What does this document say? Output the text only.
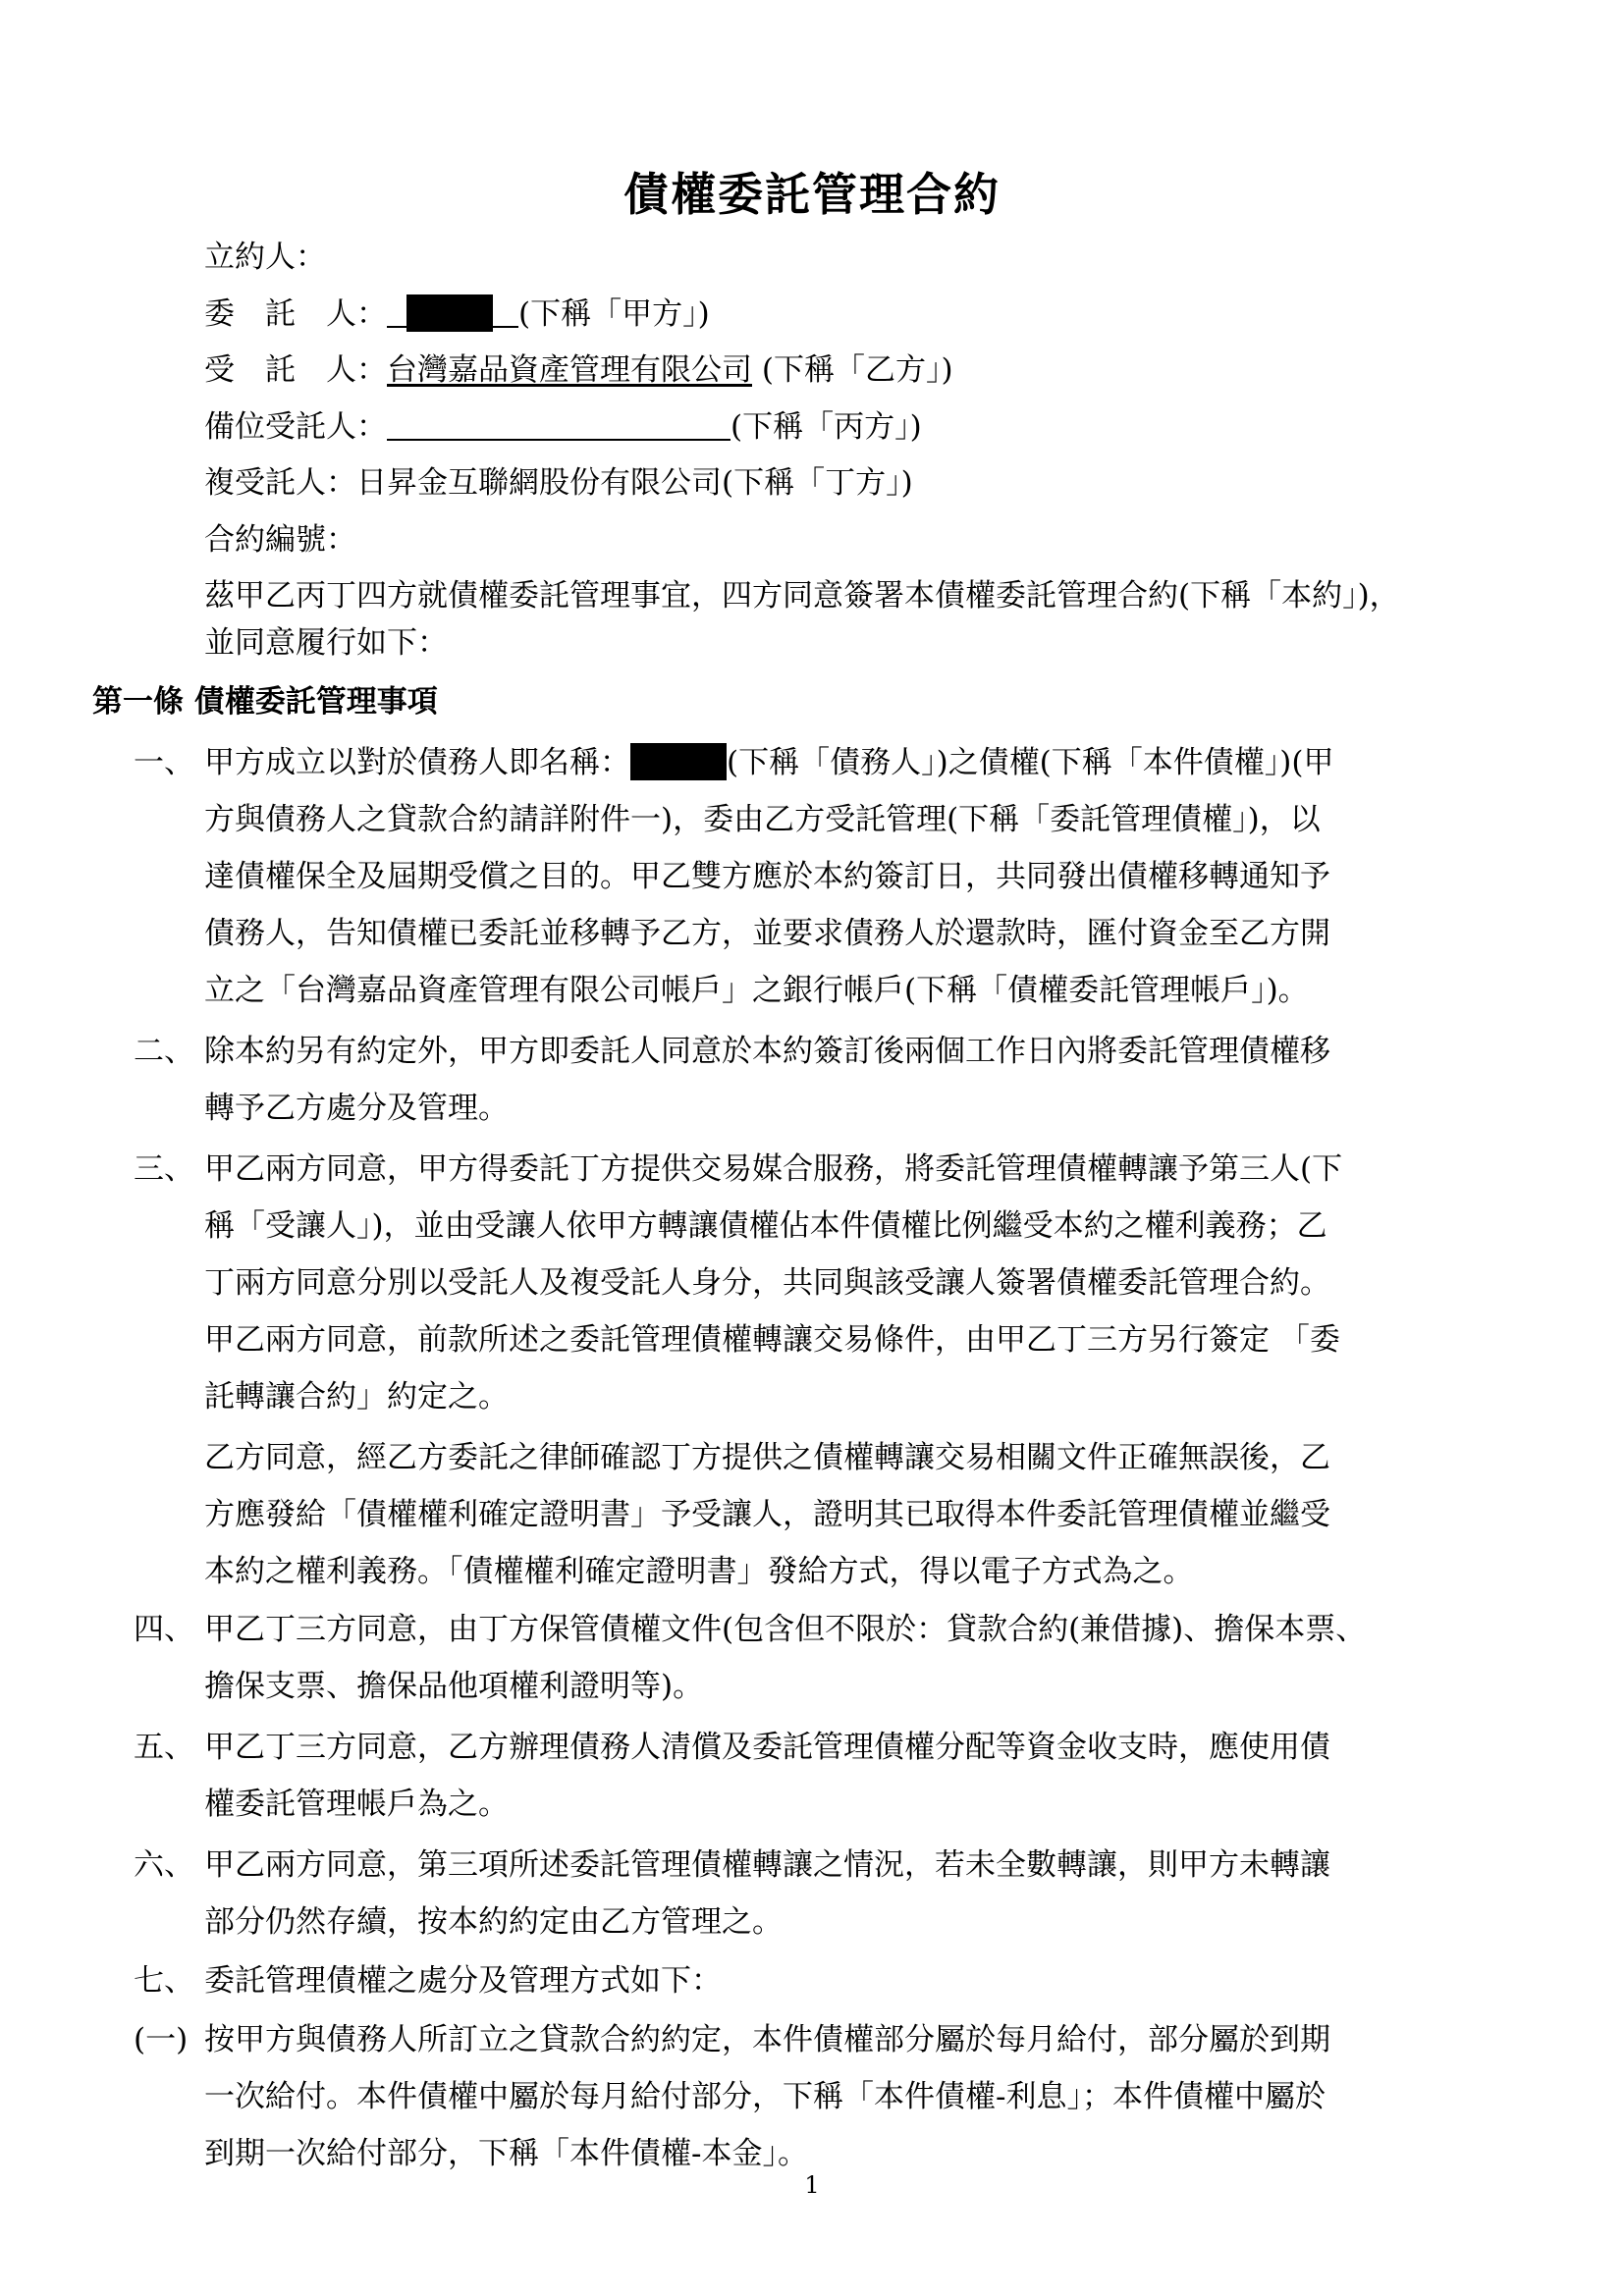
債權委託管理合約
立約人：
委　託　人：	(下稱「甲方」)
受　託　人：台灣嘉品資產管理有限公司 (下稱「乙方」)
備位受託人：	(下稱「丙方」)
複受託人：日昇金互聯網股份有限公司(下稱「丁方」)
合約編號：
茲甲乙丙丁四方就債權委託管理事宜，四方同意簽署本債權委託管理合約(下稱「本約」)，
並同意履行如下：
第一條 債權委託管理事項
一、 甲方成立以對於債務人即名稱：	(下稱「債務人」)之債權(下稱「本件債權」)(甲
方與債務人之貸款合約請詳附件一)，委由乙方受託管理(下稱「委託管理債權」)，以
達債權保全及屆期受償之目的。甲乙雙方應於本約簽訂日，共同發出債權移轉通知予
債務人，告知債權已委託並移轉予乙方，並要求債務人於還款時，匯付資金至乙方開
立之「台灣嘉品資產管理有限公司帳戶」之銀行帳戶(下稱「債權委託管理帳戶」)。
二、 除本約另有約定外，甲方即委託人同意於本約簽訂後兩個工作日內將委託管理債權移
轉予乙方處分及管理。
三、 甲乙兩方同意，甲方得委託丁方提供交易媒合服務，將委託管理債權轉讓予第三人(下
稱「受讓人」)，並由受讓人依甲方轉讓債權佔本件債權比例繼受本約之權利義務；乙
丁兩方同意分別以受託人及複受託人身分，共同與該受讓人簽署債權委託管理合約。
甲乙兩方同意，前款所述之委託管理債權轉讓交易條件，由甲乙丁三方另行簽定 「委
託轉讓合約」約定之。
乙方同意，經乙方委託之律師確認丁方提供之債權轉讓交易相關文件正確無誤後，乙
方應發給「債權權利確定證明書」予受讓人，證明其已取得本件委託管理債權並繼受
本約之權利義務。「債權權利確定證明書」發給方式，得以電子方式為之。
四、 甲乙丁三方同意，由丁方保管債權文件(包含但不限於：貸款合約(兼借據)、擔保本票、
擔保支票、擔保品他項權利證明等)。
五、 甲乙丁三方同意，乙方辦理債務人清償及委託管理債權分配等資金收支時，應使用債
權委託管理帳戶為之。
六、 甲乙兩方同意，第三項所述委託管理債權轉讓之情況，若未全數轉讓，則甲方未轉讓
部分仍然存續，按本約約定由乙方管理之。
七、 委託管理債權之處分及管理方式如下：
(一) 按甲方與債務人所訂立之貸款合約約定，本件債權部分屬於每月給付，部分屬於到期
一次給付。本件債權中屬於每月給付部分，下稱「本件債權-利息」；本件債權中屬於
到期一次給付部分，下稱「本件債權-本金」。
1
